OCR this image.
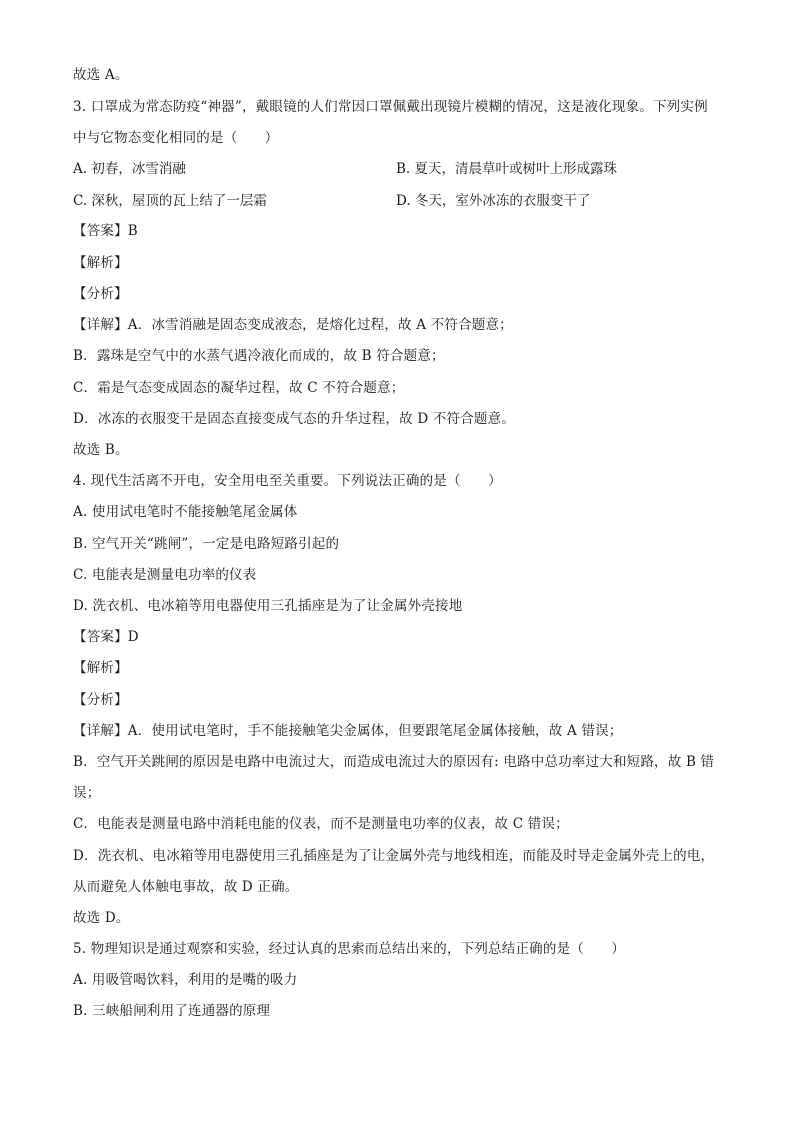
故选 A。
3. 口罩成为常态防疫“神器”，戴眼镜的人们常因口罩佩戴出现镜片模糊的情况，这是液化现象。下列实例
中与它物态变化相同的是（　　）
A. 初春，冰雪消融	B. 夏天，清晨草叶或树叶上形成露珠
C. 深秋，屋顶的瓦上结了一层霜	D. 冬天，室外冰冻的衣服变干了
【答案】B
【解析】
【分析】
【详解】A．冰雪消融是固态变成液态，是熔化过程，故 A 不符合题意；
B．露珠是空气中的水蒸气遇冷液化而成的，故 B 符合题意；
C．霜是气态变成固态的凝华过程，故 C 不符合题意；
D．冰冻的衣服变干是固态直接变成气态的升华过程，故 D 不符合题意。
故选 B。
4. 现代生活离不开电，安全用电至关重要。下列说法正确的是（　　）
A. 使用试电笔时不能接触笔尾金属体
B. 空气开关“跳闸”，一定是电路短路引起的
C. 电能表是测量电功率的仪表
D. 洗衣机、电冰箱等用电器使用三孔插座是为了让金属外壳接地
【答案】D
【解析】
【分析】
【详解】A．使用试电笔时，手不能接触笔尖金属体，但要跟笔尾金属体接触，故 A 错误；
B．空气开关跳闸的原因是电路中电流过大，而造成电流过大的原因有: 电路中总功率过大和短路，故 B 错
误；
C．电能表是测量电路中消耗电能的仪表，而不是测量电功率的仪表，故 C 错误；
D．洗衣机、电冰箱等用电器使用三孔插座是为了让金属外壳与地线相连，而能及时导走金属外壳上的电，
从而避免人体触电事故，故 D 正确。
故选 D。
5. 物理知识是通过观察和实验，经过认真的思索而总结出来的，下列总结正确的是（　　）
A. 用吸管喝饮料，利用的是嘴的吸力
B. 三峡船闸利用了连通器的原理
